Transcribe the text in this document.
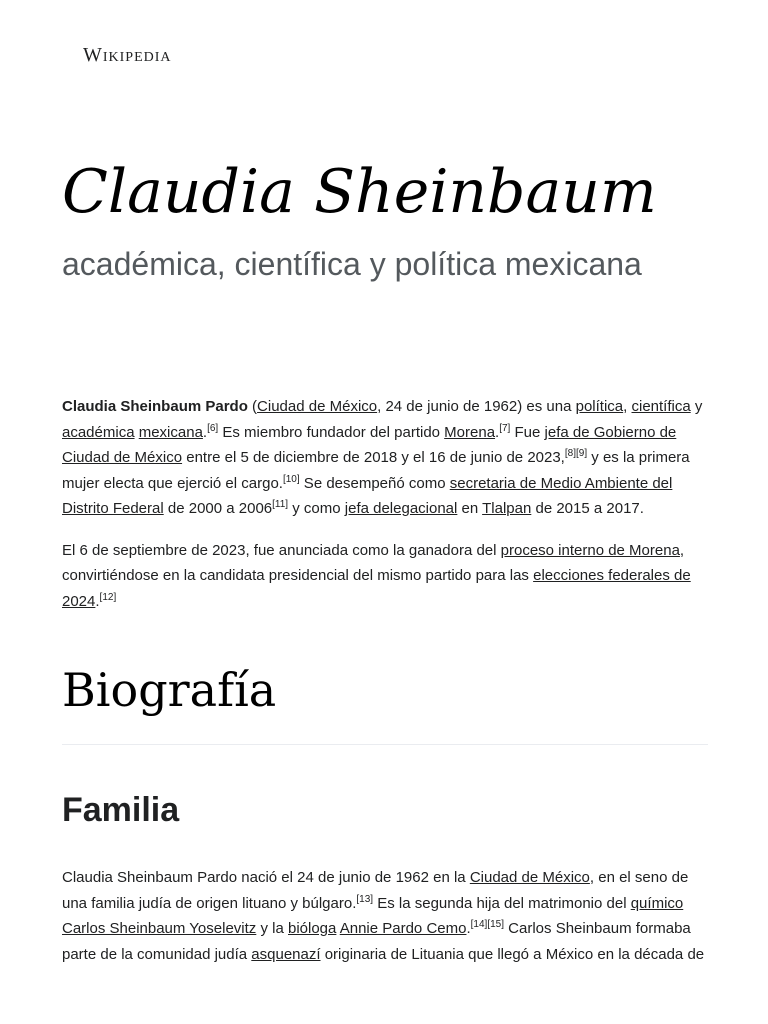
Wikipedia
Claudia Sheinbaum
académica, científica y política mexicana

Claudia Sheinbaum Pardo (Ciudad de México, 24 de junio de 1962) es una política, científica y académica mexicana.[6] Es miembro fundador del partido Morena.[7] Fue jefa de Gobierno de Ciudad de México entre el 5 de diciembre de 2018 y el 16 de junio de 2023,[8][9] y es la primera mujer electa que ejerció el cargo.[10] Se desempeñó como secretaria de Medio Ambiente del Distrito Federal de 2000 a 2006[11] y como jefa delegacional en Tlalpan de 2015 a 2017.

El 6 de septiembre de 2023, fue anunciada como la ganadora del proceso interno de Morena, convirtiéndose en la candidata presidencial del mismo partido para las elecciones federales de 2024.[12]

Biografía
Familia

Claudia Sheinbaum Pardo nació el 24 de junio de 1962 en la Ciudad de México, en el seno de una familia judía de origen lituano y búlgaro.[13] Es la segunda hija del matrimonio del químico Carlos Sheinbaum Yoselevitz y la bióloga Annie Pardo Cemo.[14][15] Carlos Sheinbaum formaba parte de la comunidad judía asquenazí originaria de Lituania que llegó a México en la década de
